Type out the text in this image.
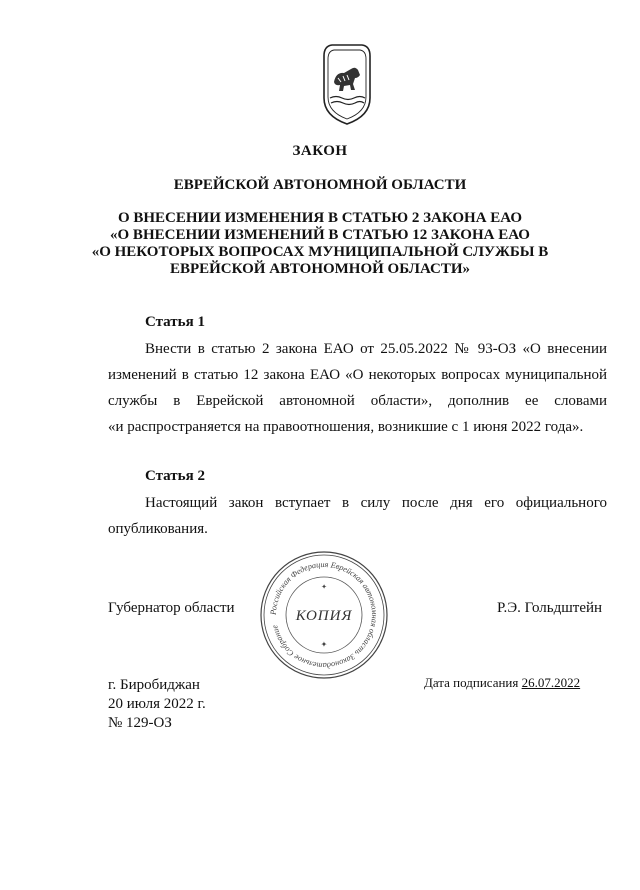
ЗАКОН
ЕВРЕЙСКОЙ АВТОНОМНОЙ ОБЛАСТИ
О ВНЕСЕНИИ ИЗМЕНЕНИЯ В СТАТЬЮ 2 ЗАКОНА ЕАО
«О ВНЕСЕНИИ ИЗМЕНЕНИЙ В СТАТЬЮ 12 ЗАКОНА ЕАО
«О НЕКОТОРЫХ ВОПРОСАХ МУНИЦИПАЛЬНОЙ СЛУЖБЫ В
ЕВРЕЙСКОЙ АВТОНОМНОЙ ОБЛАСТИ»
Статья 1
Внести в статью 2 закона ЕАО от 25.05.2022 № 93-ОЗ «О внесении
изменений в статью 12 закона ЕАО «О некоторых вопросах муниципальной
службы в Еврейской автономной области», дополнив ее словами
«и распространяется на правоотношения, возникшие с 1 июня 2022 года».
Статья 2
Настоящий закон вступает в силу после дня его официального
опубликования.
Губернатор области	Р.Э. Гольдштейн
Российская Федерация Еврейская автономная область Законодательное Собрание
КОПИЯ
✦
✦
г. Биробиджан
20 июля 2022 г.
№ 129-ОЗ
Дата подписания 26.07.2022
